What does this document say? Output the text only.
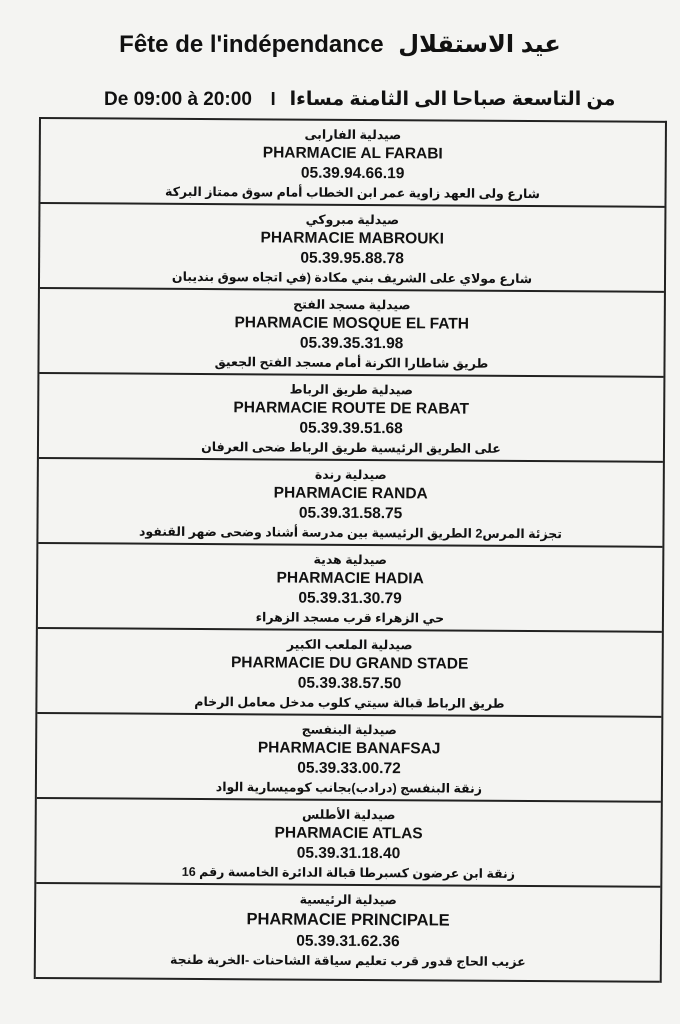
Fête de l'indépendance عيد الاستقلال
De 09:00 à 20:00 I من التاسعة صباحا الى الثامنة مساءا
صيدلية الفارابى
PHARMACIE AL FARABI
05.39.94.66.19
شارع ولى العهد زاوية عمر ابن الخطاب أمام سوق ممتاز البركة
صيدلية مبروكي
PHARMACIE MABROUKI
05.39.95.88.78
شارع مولاي على الشريف بني مكادة (في اتجاه سوق بنديبان
صيدلية مسجد الفتح
PHARMACIE MOSQUE EL FATH
05.39.35.31.98
طريق شاطارا الكرنة أمام مسجد الفتح الجعيق
صيدلية طريق الرباط
PHARMACIE ROUTE DE RABAT
05.39.39.51.68
على الطريق الرئيسية طريق الرباط ضحى العرفان
صيدلية رندة
PHARMACIE RANDA
05.39.31.58.75
تجزئة المرس2 الطريق الرئيسية بين مدرسة أشناد وضحى ضهر القنفود
صيدلية هدية
PHARMACIE HADIA
05.39.31.30.79
حي الزهراء قرب مسجد الزهراء
صيدلية الملعب الكبير
PHARMACIE DU GRAND STADE
05.39.38.57.50
طريق الرباط قبالة سيتي كلوب مدخل معامل الرخام
صيدلية البنفسج
PHARMACIE BANAFSAJ
05.39.33.00.72
زنقة البنفسج (درادب)بجانب كوميسارية الواد
صيدلية الأطلس
PHARMACIE ATLAS
05.39.31.18.40
زنقة ابن عرضون كسبرطا قبالة الدائرة الخامسة رقم 16
صيدلية الرئيسية
PHARMACIE PRINCIPALE
05.39.31.62.36
عزيب الحاج قدور قرب تعليم سياقة الشاحنات -الخربة طنجة
